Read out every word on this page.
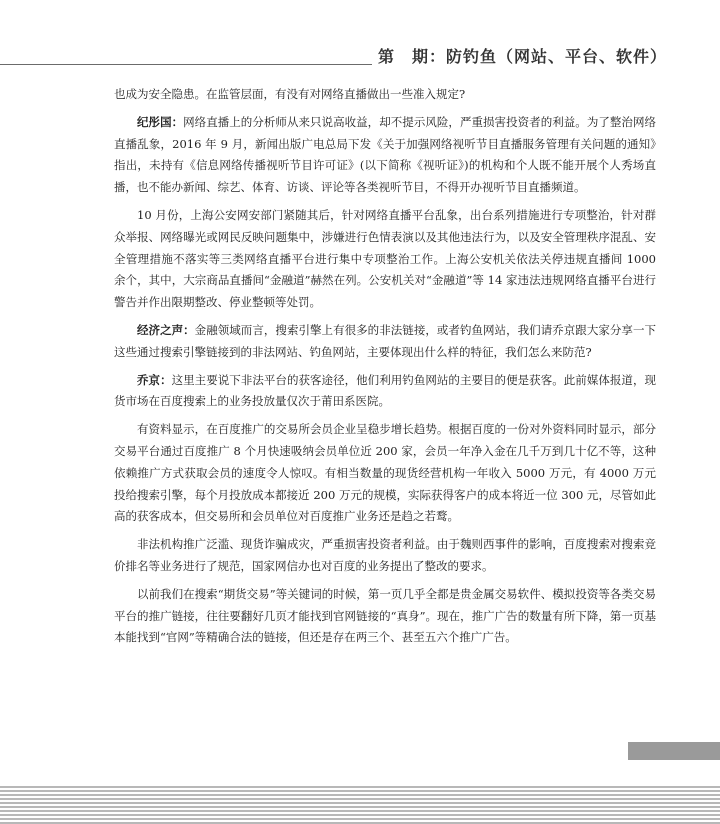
第　期：防钓鱼（网站、平台、软件）

也成为安全隐患。在监管层面，有没有对网络直播做出一些准入规定?

纪彤国：网络直播上的分析师从来只说高收益，却不提示风险，严重损害投资者的利益。为了整治网络直播乱象，2016 年 9 月，新闻出版广电总局下发《关于加强网络视听节目直播服务管理有关问题的通知》指出，未持有《信息网络传播视听节目许可证》(以下简称《视听证》)的机构和个人既不能开展个人秀场直播，也不能办新闻、综艺、体育、访谈、评论等各类视听节目，不得开办视听节目直播频道。

10 月份，上海公安网安部门紧随其后，针对网络直播平台乱象，出台系列措施进行专项整治，针对群众举报、网络曝光或网民反映问题集中，涉嫌进行色情表演以及其他违法行为，以及安全管理秩序混乱、安全管理措施不落实等三类网络直播平台进行集中专项整治工作。上海公安机关依法关停违规直播间 1000 余个，其中，大宗商品直播间“金融道”赫然在列。公安机关对“金融道”等 14 家违法违规网络直播平台进行警告并作出限期整改、停业整顿等处罚。

经济之声：金融领域而言，搜索引擎上有很多的非法链接，或者钓鱼网站，我们请乔京跟大家分享一下这些通过搜索引擎链接到的非法网站、钓鱼网站，主要体现出什么样的特征，我们怎么来防范?

乔京：这里主要说下非法平台的获客途径，他们利用钓鱼网站的主要目的便是获客。此前媒体报道，现货市场在百度搜索上的业务投放量仅次于莆田系医院。

有资料显示，在百度推广的交易所会员企业呈稳步增长趋势。根据百度的一份对外资料同时显示，部分交易平台通过百度推广 8 个月快速吸纳会员单位近 200 家，会员一年净入金在几千万到几十亿不等，这种依赖推广方式获取会员的速度令人惊叹。有相当数量的现货经营机构一年收入 5000 万元，有 4000 万元投给搜索引擎，每个月投放成本都接近 200 万元的规模，实际获得客户的成本将近一位 300 元，尽管如此高的获客成本，但交易所和会员单位对百度推广业务还是趋之若鹜。

非法机构推广泛滥、现货诈骗成灾，严重损害投资者利益。由于魏则西事件的影响，百度搜索对搜索竞价排名等业务进行了规范，国家网信办也对百度的业务提出了整改的要求。

以前我们在搜索“期货交易”等关键词的时候，第一页几乎全都是贵金属交易软件、模拟投资等各类交易平台的推广链接，往往要翻好几页才能找到官网链接的“真身”。现在，推广广告的数量有所下降，第一页基本能找到“官网”等精确合法的链接，但还是存在两三个、甚至五六个推广广告。
